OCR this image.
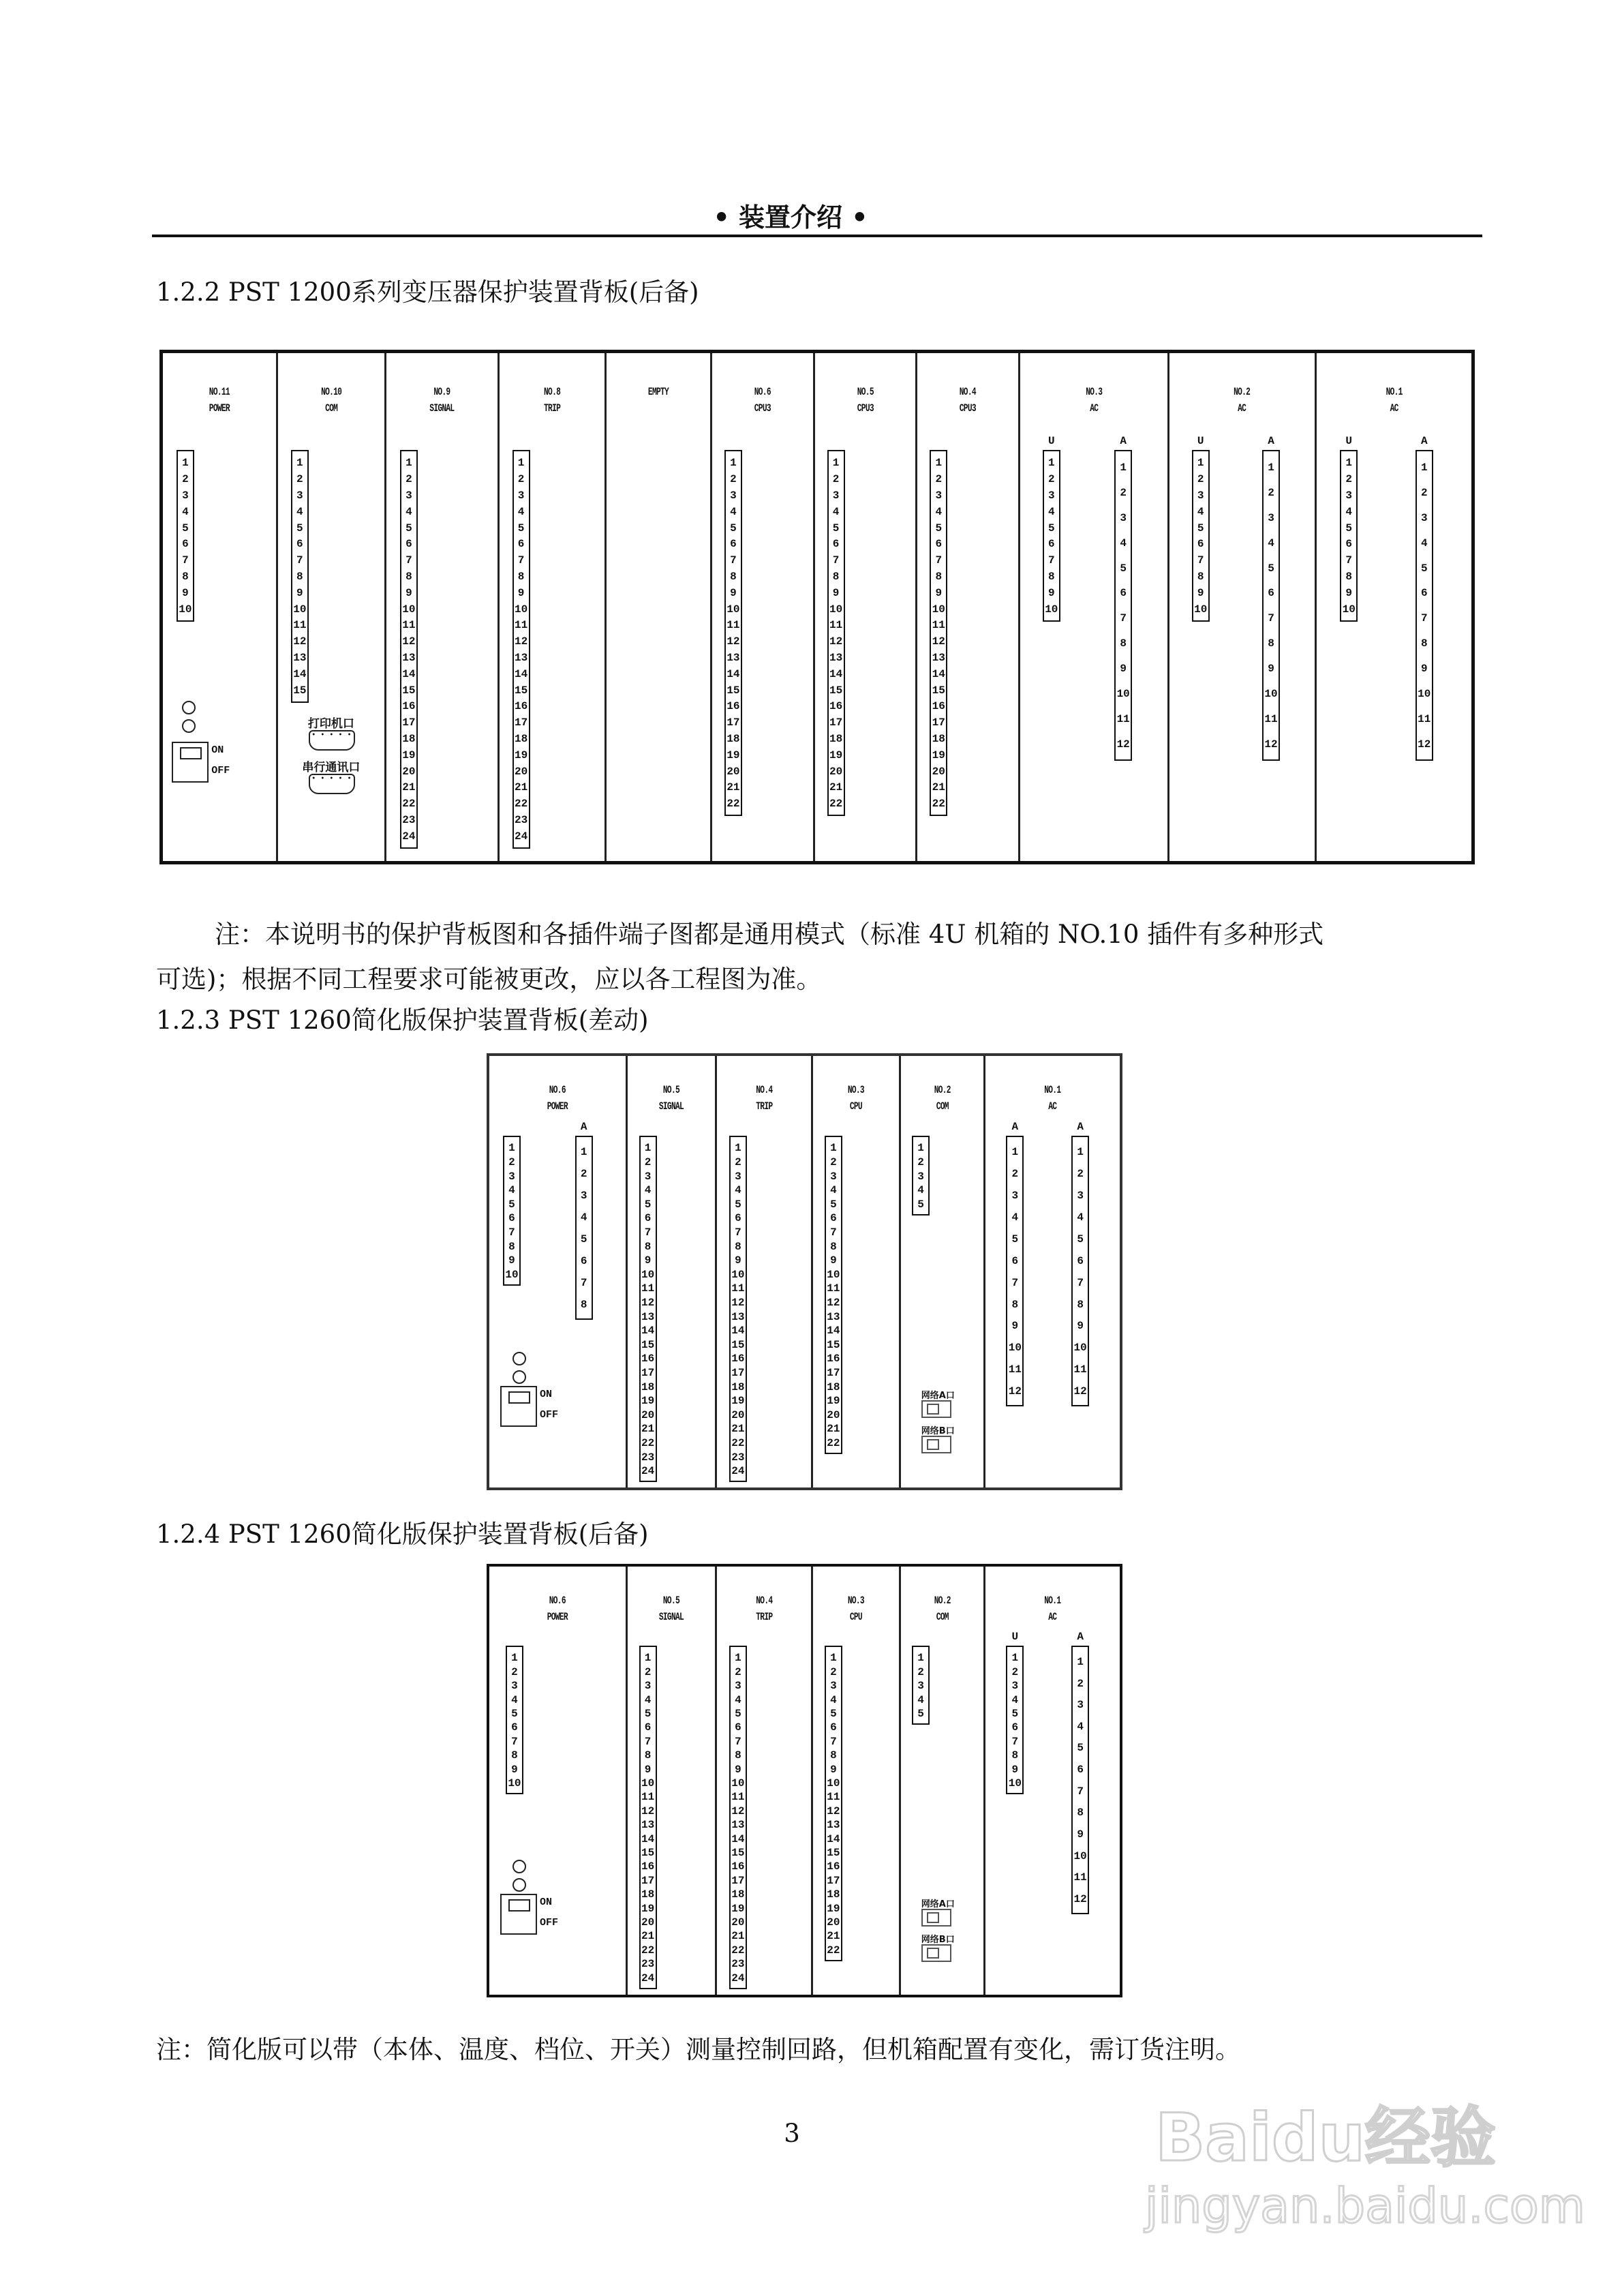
• 装置介绍 •
1.2.2 PST 1200系列变压器保护装置背板(后备)
NO.11
POWER
1
2
3
4
5
6
7
8
9
10
ON
OFF
NO.10
COM
1
2
3
4
5
6
7
8
9
10
11
12
13
14
15
打印机口
• • • • •
串行通讯口
• • • • •
NO.9
SIGNAL
1
2
3
4
5
6
7
8
9
10
11
12
13
14
15
16
17
18
19
20
21
22
23
24
NO.8
TRIP
1
2
3
4
5
6
7
8
9
10
11
12
13
14
15
16
17
18
19
20
21
22
23
24
EMPTY	NO.6
CPU3
1
2
3
4
5
6
7
8
9
10
11
12
13
14
15
16
17
18
19
20
21
22
NO.5
CPU3
1
2
3
4
5
6
7
8
9
10
11
12
13
14
15
16
17
18
19
20
21
22
NO.4
CPU3
1
2
3
4
5
6
7
8
9
10
11
12
13
14
15
16
17
18
19
20
21
22
NO.3
AC
U
1
2
3
4
5
6
7
8
9
10
A
1
2
3
4
5
6
7
8
9
10
11
12
NO.2
AC
U
1
2
3
4
5
6
7
8
9
10
A
1
2
3
4
5
6
7
8
9
10
11
12
NO.1
AC
U
1
2
3
4
5
6
7
8
9
10
A
1
2
3
4
5
6
7
8
9
10
11
12
注：本说明书的保护背板图和各插件端子图都是通用模式（标准 4U 机箱的 NO.10 插件有多种形式
可选)；根据不同工程要求可能被更改，应以各工程图为准。
1.2.3 PST 1260简化版保护装置背板(差动)
NO.6
POWER
1
2
3
4
5
6
7
8
9
10
A
1
2
3
4
5
6
7
8
ON
OFF
NO.5
SIGNAL
1
2
3
4
5
6
7
8
9
10
11
12
13
14
15
16
17
18
19
20
21
22
23
24
NO.4
TRIP
1
2
3
4
5
6
7
8
9
10
11
12
13
14
15
16
17
18
19
20
21
22
23
24
NO.3
CPU
1
2
3
4
5
6
7
8
9
10
11
12
13
14
15
16
17
18
19
20
21
22
NO.2
COM
1
2
3
4
5
网络A口
网络B口
NO.1
AC
A
1
2
3
4
5
6
7
8
9
10
11
12
A
1
2
3
4
5
6
7
8
9
10
11
12
1.2.4 PST 1260简化版保护装置背板(后备)
NO.6
POWER
1
2
3
4
5
6
7
8
9
10
ON
OFF
NO.5
SIGNAL
1
2
3
4
5
6
7
8
9
10
11
12
13
14
15
16
17
18
19
20
21
22
23
24
NO.4
TRIP
1
2
3
4
5
6
7
8
9
10
11
12
13
14
15
16
17
18
19
20
21
22
23
24
NO.3
CPU
1
2
3
4
5
6
7
8
9
10
11
12
13
14
15
16
17
18
19
20
21
22
NO.2
COM
1
2
3
4
5
网络A口
网络B口
NO.1
AC
U
1
2
3
4
5
6
7
8
9
10
A
1
2
3
4
5
6
7
8
9
10
11
12
注：简化版可以带（本体、温度、档位、开关）测量控制回路，但机箱配置有变化，需订货注明。
3	Baidu经验
jingyan.baidu.com
